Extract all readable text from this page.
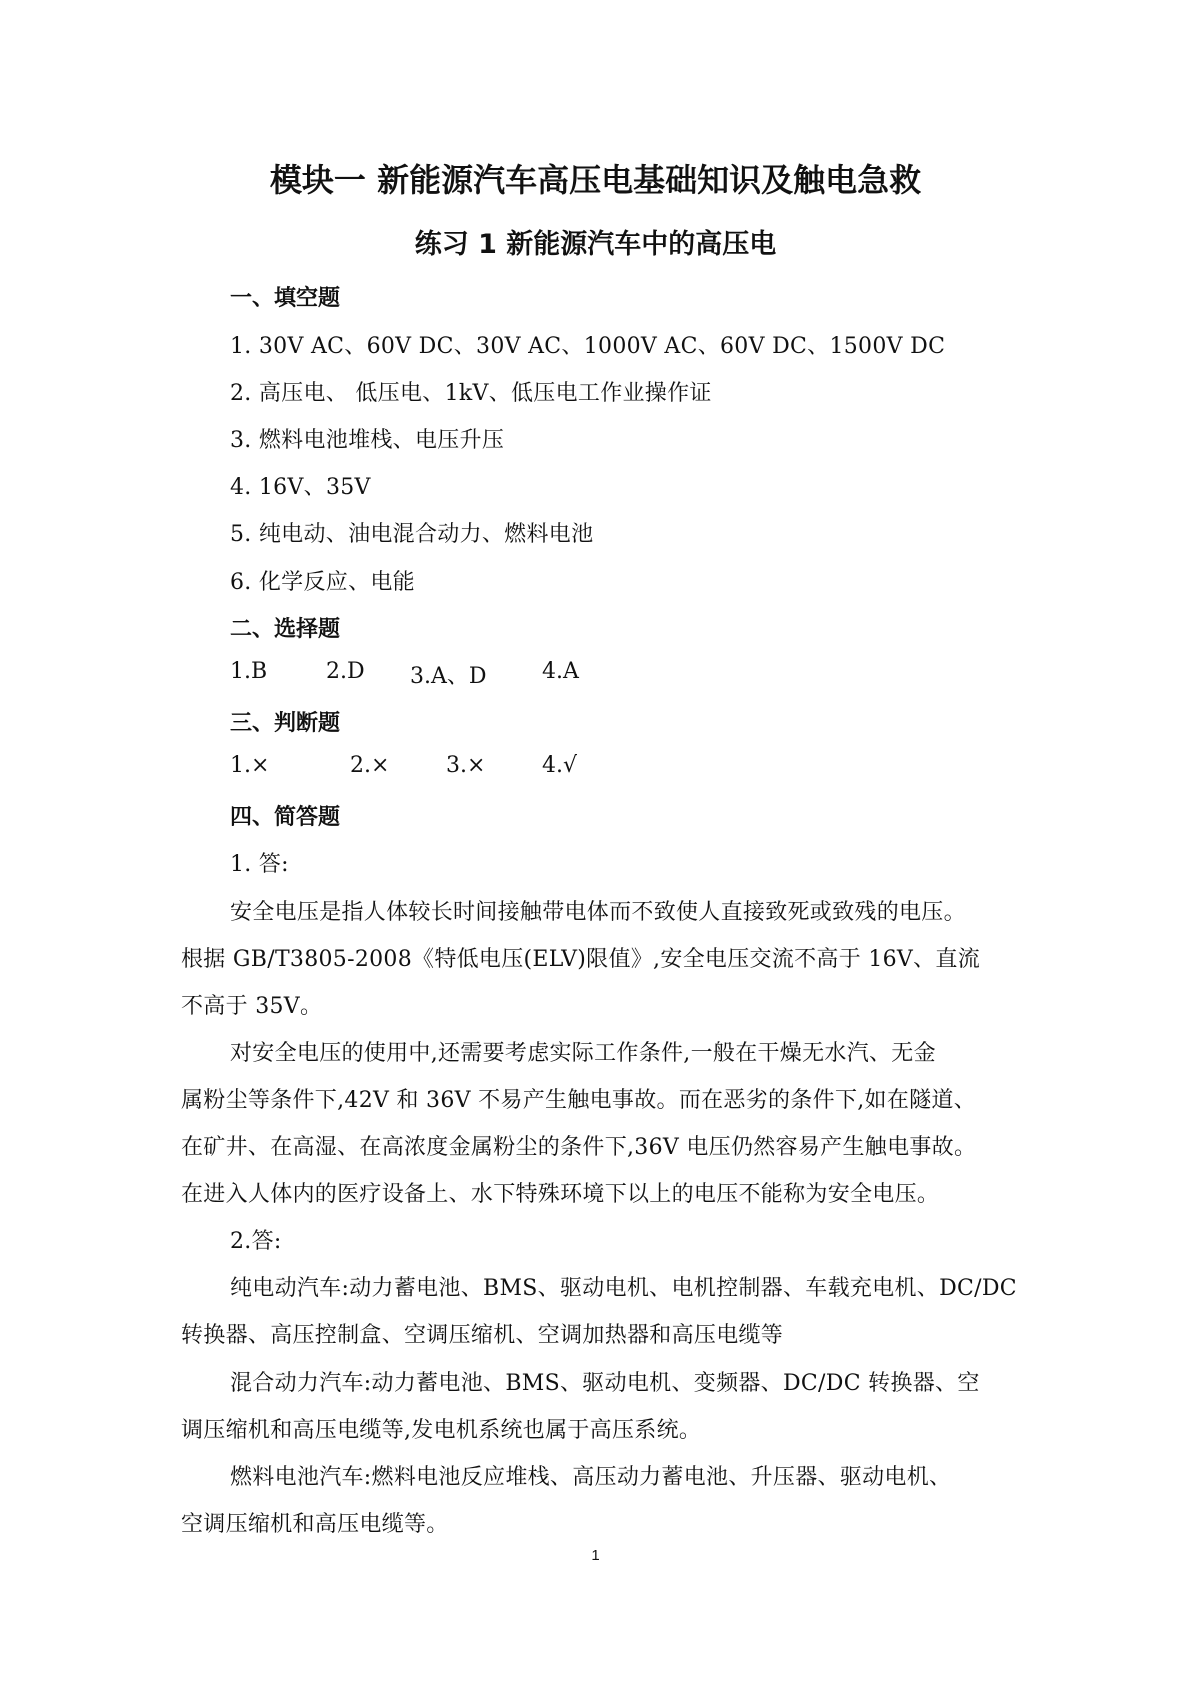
模块一 新能源汽车高压电基础知识及触电急救
练习 1 新能源汽车中的高压电
一、填空题
1. 30V AC、60V DC、30V AC、1000V AC、60V DC、1500V DC
2. 高压电、 低压电、1kV、低压电工作业操作证
3. 燃料电池堆栈、电压升压
4. 16V、35V
5. 纯电动、油电混合动力、燃料电池
6. 化学反应、电能
二、选择题
1.B	2.D 3.A、D	4.A
三、判断题
1.×	2.×	3.×	4.√
四、简答题
1. 答:
安全电压是指人体较长时间接触带电体而不致使人直接致死或致残的电压。
根据 GB/T3805-2008《特低电压(ELV)限值》,安全电压交流不高于 16V、直流
不高于 35V。
对安全电压的使用中,还需要考虑实际工作条件,一般在干燥无水汽、无金
属粉尘等条件下,42V 和 36V 不易产生触电事故。而在恶劣的条件下,如在隧道、
在矿井、在高湿、在高浓度金属粉尘的条件下,36V 电压仍然容易产生触电事故。
在进入人体内的医疗设备上、水下特殊环境下以上的电压不能称为安全电压。
2.答:
纯电动汽车:动力蓄电池、BMS、驱动电机、电机控制器、车载充电机、DC/DC
转换器、高压控制盒、空调压缩机、空调加热器和高压电缆等
混合动力汽车:动力蓄电池、BMS、驱动电机、变频器、DC/DC 转换器、空
调压缩机和高压电缆等,发电机系统也属于高压系统。
燃料电池汽车:燃料电池反应堆栈、高压动力蓄电池、升压器、驱动电机、
空调压缩机和高压电缆等。
1
